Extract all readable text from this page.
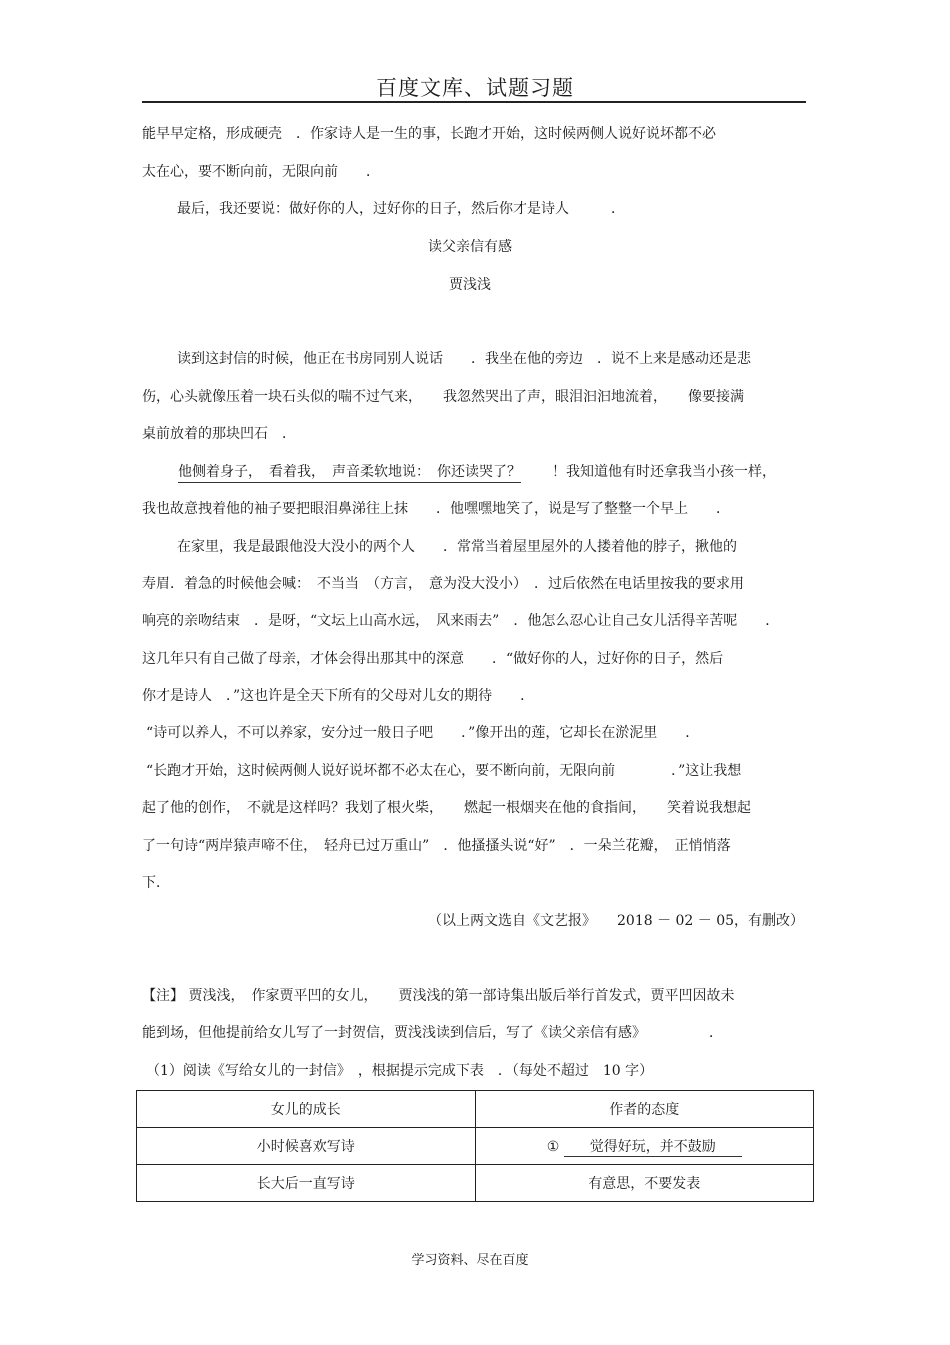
百度文库、试题习题
能早早定格，形成硬壳　．作家诗人是一生的事，长跑才开始，这时候两侧人说好说坏都不必
太在心，要不断向前，无限向前　　．
　　最后，我还要说：做好你的人，过好你的日子，然后你才是诗人　　　．
读父亲信有感
贾浅浅
　　读到这封信的时候，他正在书房同别人说话　　．我坐在他的旁边　．说不上来是感动还是悲
伤，心头就像压着一块石头似的喘不过气来，　　我忽然哭出了声，眼泪汩汩地流着，　　像要接满
桌前放着的那块凹石　．
他侧着身子，　看着我，　声音柔软地说：　你还读哭了？ ！我知道他有时还拿我当小孩一样，
我也故意拽着他的袖子要把眼泪鼻涕往上抹　　．他嘿嘿地笑了，说是写了整整一个早上　　．
　　在家里，我是最跟他没大没小的两个人　　．常常当着屋里屋外的人搂着他的脖子，揪他的
寿眉．着急的时候他会喊：　不当当　（方言，　意为没大没小）　．过后依然在电话里按我的要求用
响亮的亲吻结束　．是呀，“文坛上山高水远，　风来雨去”　．他怎么忍心让自己女儿活得辛苦呢　　．
这几年只有自己做了母亲，才体会得出那其中的深意　　．“做好你的人，过好你的日子，然后
你才是诗人　．”这也许是全天下所有的父母对儿女的期待　　．
“诗可以养人，不可以养家，安分过一般日子吧　　．”像开出的莲，它却长在淤泥里　　．
“长跑才开始，这时候两侧人说好说坏都不必太在心，要不断向前，无限向前　　　　．”这让我想
起了他的创作，　不就是这样吗？我划了根火柴，　　燃起一根烟夹在他的食指间，　　笑着说我想起
了一句诗“两岸猿声啼不住，　轻舟已过万重山”　．他搔搔头说“好”　．一朵兰花瓣，　正悄悄落
下．
（以上两文选自《文艺报》　　2018 － 02 － 05，有删改）
【注】 贾浅浅，　作家贾平凹的女儿，　　贾浅浅的第一部诗集出版后举行首发式，贾平凹因故未
能到场，但他提前给女儿写了一封贺信，贾浅浅读到信后，写了《读父亲信有感》　　　　　．
（1）阅读《写给女儿的一封信》　，根据提示完成下表　．（每处不超过　10 字）
女儿的成长	作者的态度
小时候喜欢写诗	① 觉得好玩，并不鼓励
长大后一直写诗	有意思，不要发表
学习资料、尽在百度
